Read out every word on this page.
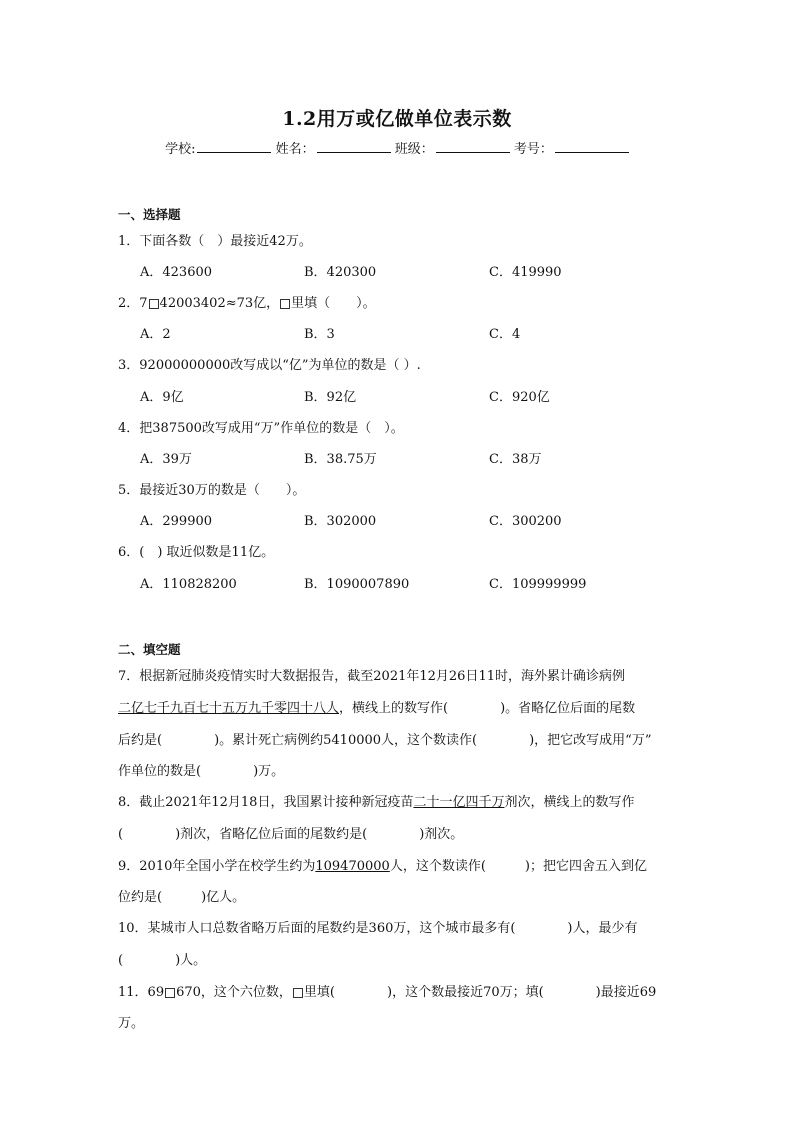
1.2用万或亿做单位表示数
学校:	姓名：	班级：	考号：
一、选择题
1．下面各数（　）最接近42万。
A．423600	B．420300	C．419990
2．7 42003402≈73亿， 里填（　　）。
A．2	B．3	C．4
3．92000000000改写成以“亿”为单位的数是（ ）.
A．9亿	B．92亿	C．920亿
4．把387500改写成用“万”作单位的数是（　）。
A．39万	B．38.75万	C．38万
5．最接近30万的数是（　　）。
A．299900	B．302000	C．300200
6．(　) 取近似数是11亿。
A．110828200	B．1090007890	C．109999999
二、填空题
7．根据新冠肺炎疫情实时大数据报告，截至2021年12月26日11时，海外累计确诊病例
二亿七千九百七十五万九千零四十八人，横线上的数写作(　　　　)。省略亿位后面的尾数
后约是(　　　　)。累计死亡病例约5410000人，这个数读作(　　　　)，把它改写成用“万”
作单位的数是(　　　　)万。
8．截止2021年12月18日，我国累计接种新冠疫苗二十一亿四千万剂次，横线上的数写作
(　　　　)剂次，省略亿位后面的尾数约是(　　　　)剂次。
9．2010年全国小学在校学生约为109470000人，这个数读作(　　　)；把它四舍五入到亿
位约是(　　　)亿人。
10．某城市人口总数省略万后面的尾数约是360万，这个城市最多有(　　　　)人，最少有
(　　　　)人。
11．69 670，这个六位数， 里填(　　　　)，这个数最接近70万；填(　　　　)最接近69
万。
